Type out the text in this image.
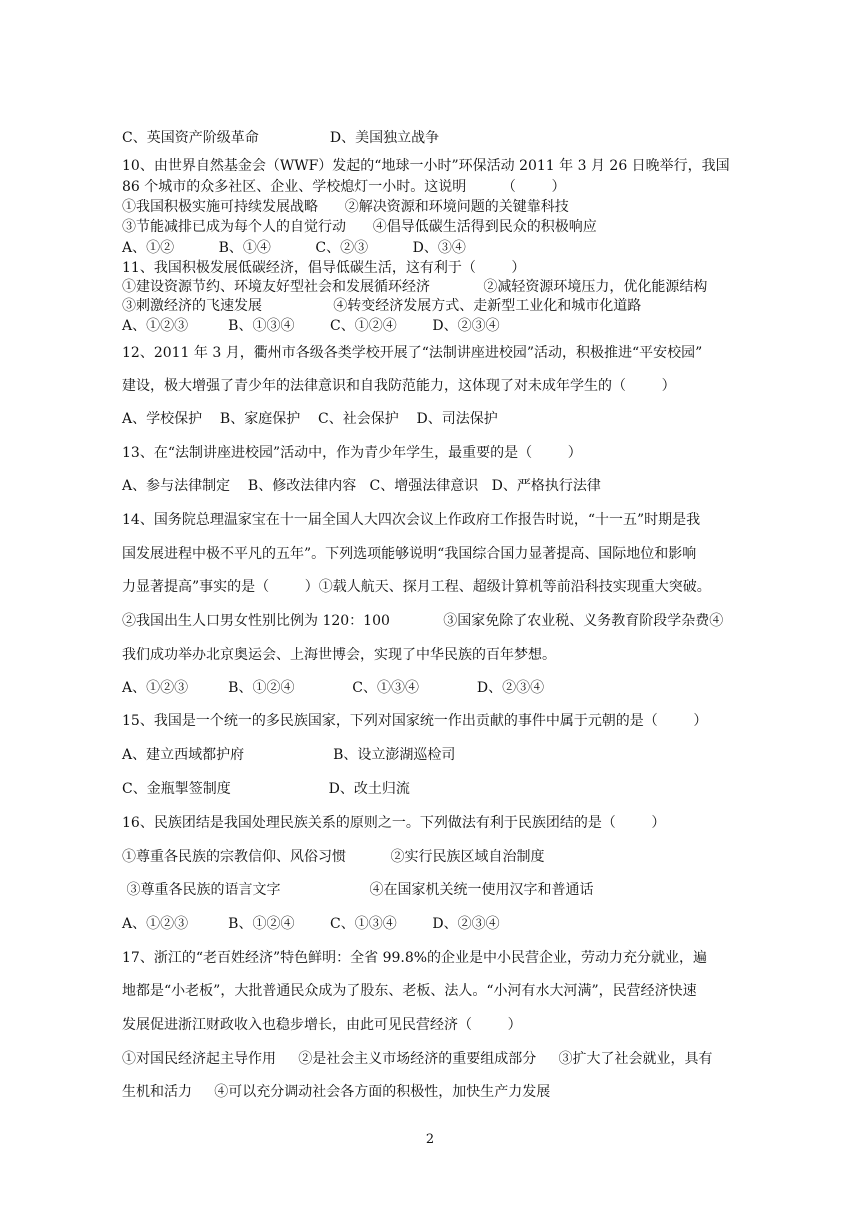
C、英国资产阶级革命                D、美国独立战争
10、由世界自然基金会（WWF）发起的“地球一小时”环保活动 2011 年 3 月 26 日晚举行，我国
86 个城市的众多社区、企业、学校熄灯一小时。这说明        （        ）
①我国积极实施可持续发展战略      ②解决资源和环境问题的关键靠科技
③节能减排已成为每个人的自觉行动      ④倡导低碳生活得到民众的积极响应
A、①②          B、①④          C、②③          D、③④
11、我国积极发展低碳经济，倡导低碳生活，这有利于（        ）
①建设资源节约、环境友好型社会和发展循环经济            ②减轻资源环境压力，优化能源结构
③刺激经济的飞速发展                ④转变经济发展方式、走新型工业化和城市化道路
A、①②③         B、①③④        C、①②④        D、②③④
12、2011 年 3 月，衢州市各级各类学校开展了“法制讲座进校园”活动，积极推进“平安校园”
建设，极大增强了青少年的法律意识和自我防范能力，这体现了对未成年学生的（        ）
A、学校保护    B、家庭保护    C、社会保护    D、司法保护
13、在“法制讲座进校园”活动中，作为青少年学生，最重要的是（        ）
A、参与法律制定    B、修改法律内容   C、增强法律意识   D、严格执行法律
14、国务院总理温家宝在十一届全国人大四次会议上作政府工作报告时说，“十一五”时期是我
国发展进程中极不平凡的五年”。下列选项能够说明“我国综合国力显著提高、国际地位和影响
力显著提高”事实的是（        ）①载人航天、探月工程、超级计算机等前沿科技实现重大突破。
②我国出生人口男女性别比例为 120：100            ③国家免除了农业税、义务教育阶段学杂费④
我们成功举办北京奥运会、上海世博会，实现了中华民族的百年梦想。
A、①②③         B、①②④             C、①③④             D、②③④
15、我国是一个统一的多民族国家，下列对国家统一作出贡献的事件中属于元朝的是（        ）
A、建立西域都护府                    B、设立澎湖巡检司
C、金瓶掣签制度                      D、改土归流
16、民族团结是我国处理民族关系的原则之一。下列做法有利于民族团结的是（        ）
①尊重各民族的宗教信仰、风俗习惯          ②实行民族区域自治制度
③尊重各民族的语言文字                    ④在国家机关统一使用汉字和普通话
A、①②③         B、①②④        C、①③④        D、②③④
17、浙江的“老百姓经济”特色鲜明：全省 99.8%的企业是中小民营企业，劳动力充分就业，遍
地都是“小老板”，大批普通民众成为了股东、老板、法人。“小河有水大河满”，民营经济快速
发展促进浙江财政收入也稳步增长，由此可见民营经济（        ）
①对国民经济起主导作用     ②是社会主义市场经济的重要组成部分     ③扩大了社会就业，具有
生机和活力     ④可以充分调动社会各方面的积极性，加快生产力发展
2
